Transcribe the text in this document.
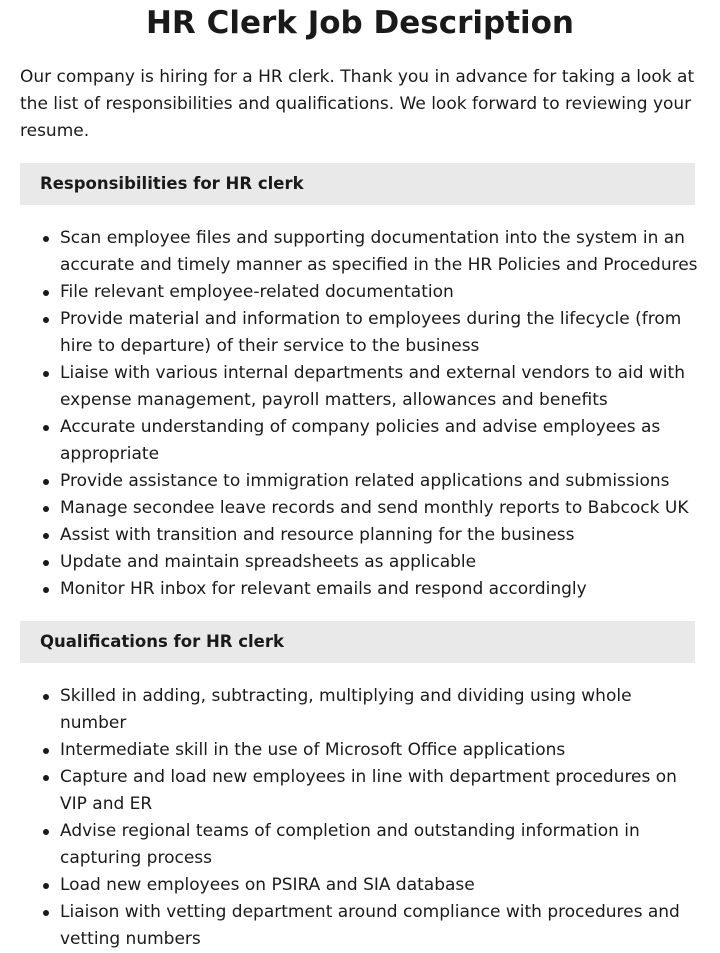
HR Clerk Job Description

Our company is hiring for a HR clerk. Thank you in advance for taking a look at the list of responsibilities and qualifications. We look forward to reviewing your resume.

Responsibilities for HR clerk
Scan employee files and supporting documentation into the system in an accurate and timely manner as specified in the HR Policies and Procedures
File relevant employee-related documentation
Provide material and information to employees during the lifecycle (from hire to departure) of their service to the business
Liaise with various internal departments and external vendors to aid with expense management, payroll matters, allowances and benefits
Accurate understanding of company policies and advise employees as appropriate
Provide assistance to immigration related applications and submissions
Manage secondee leave records and send monthly reports to Babcock UK
Assist with transition and resource planning for the business
Update and maintain spreadsheets as applicable
Monitor HR inbox for relevant emails and respond accordingly
Qualifications for HR clerk
Skilled in adding, subtracting, multiplying and dividing using whole number
Intermediate skill in the use of Microsoft Office applications
Capture and load new employees in line with department procedures on VIP and ER
Advise regional teams of completion and outstanding information in capturing process
Load new employees on PSIRA and SIA database
Liaison with vetting department around compliance with procedures and vetting numbers
